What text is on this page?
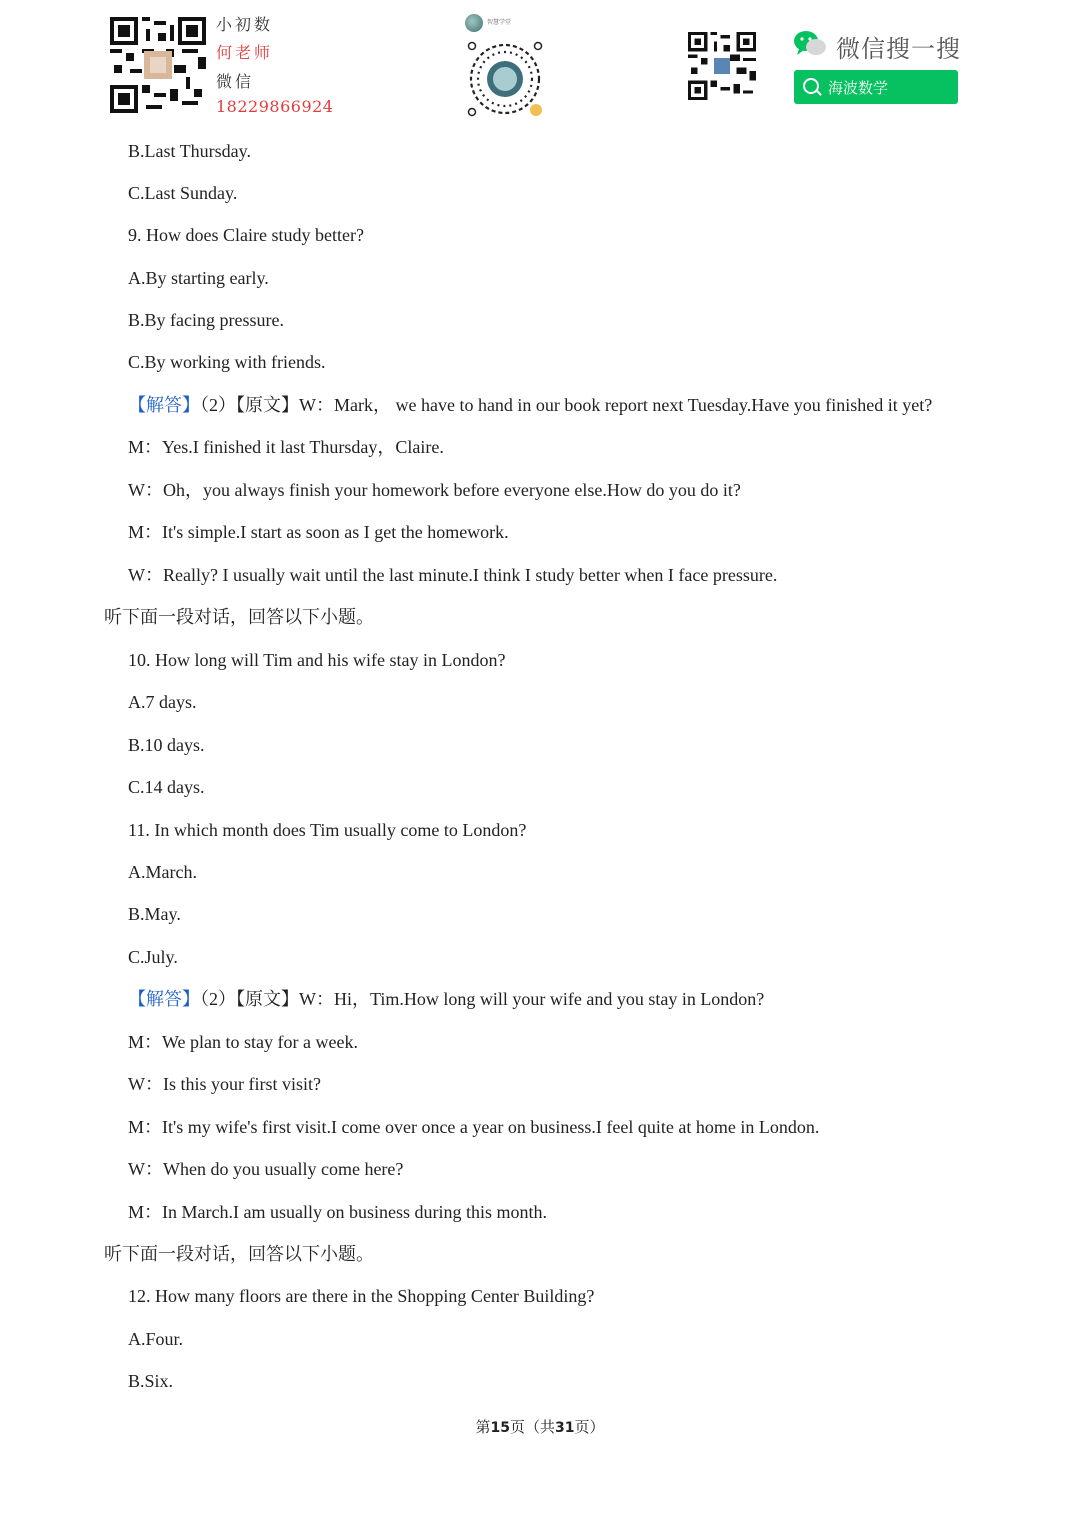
小初数
何老师
微信
18229866924
智慧学堂
微信搜一搜
海波数学
B.Last Thursday.
C.Last Sunday.
9. How does Claire study better?
A.By starting early.
B.By facing pressure.
C.By working with friends.
【解答】（2）【原文】W：Mark， we have to hand in our book report next Tuesday.Have you finished it yet?
M：Yes.I finished it last Thursday，Claire.
W：Oh，you always finish your homework before everyone else.How do you do it?
M：It's simple.I start as soon as I get the homework.
W：Really? I usually wait until the last minute.I think I study better when I face pressure.
听下面一段对话，回答以下小题。
10. How long will Tim and his wife stay in London?
A.7 days.
B.10 days.
C.14 days.
11. In which month does Tim usually come to London?
A.March.
B.May.
C.July.
【解答】（2）【原文】W：Hi，Tim.How long will your wife and you stay in London?
M：We plan to stay for a week.
W：Is this your first visit?
M：It's my wife's first visit.I come over once a year on business.I feel quite at home in London.
W：When do you usually come here?
M：In March.I am usually on business during this month.
听下面一段对话，回答以下小题。
12. How many floors are there in the Shopping Center Building?
A.Four.
B.Six.
第15页（共31页）
